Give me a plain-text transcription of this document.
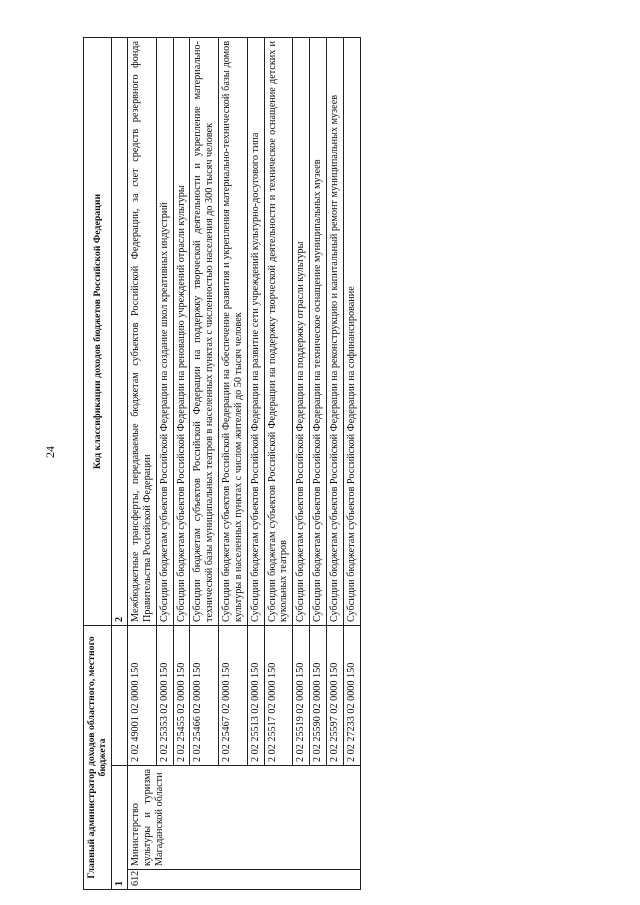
24
Главный администратор доходов областного, местного бюджета			Код классификации доходов бюджетов Российской Федерации
1			2
612	Министерство культуры и туризма Магаданской области	2 02 49001 02 0000 150	Межбюджетные трансферты, передаваемые бюджетам субъектов Российской Федерации, за счет средств резервного фонда Правительства Российской Федерации
		2 02 25353 02 0000 150	Субсидии бюджетам субъектов Российской Федерации на создание школ креативных индустрий
		2 02 25455 02 0000 150	Субсидии бюджетам субъектов Российской Федерации на реновацию учреждений отрасли культуры
		2 02 25466 02 0000 150	Субсидии бюджетам субъектов Российской Федерации на поддержку творческой деятельности и укрепление материально-технической базы муниципальных театров в населенных пунктах с численностью населения до 300 тысяч человек
		2 02 25467 02 0000 150	Субсидии бюджетам субъектов Российской Федерации на обеспечение развития и укрепления материально-технической базы домов культуры в населенных пунктах с числом жителей до 50 тысяч человек
		2 02 25513 02 0000 150	Субсидии бюджетам субъектов Российской Федерации на развитие сети учреждений культурно-досугового типа
		2 02 25517 02 0000 150	Субсидии бюджетам субъектов Российской Федерации на поддержку творческой деятельности и техническое оснащение детских и кукольных театров
		2 02 25519 02 0000 150	Субсидии бюджетам субъектов Российской Федерации на поддержку отрасли культуры
		2 02 25590 02 0000 150	Субсидии бюджетам субъектов Российской Федерации на техническое оснащение муниципальных музеев
		2 02 25597 02 0000 150	Субсидии бюджетам субъектов Российской Федерации на реконструкцию и капитальный ремонт муниципальных музеев
		2 02 27233 02 0000 150	Субсидии бюджетам субъектов Российской Федерации на софинансирование
